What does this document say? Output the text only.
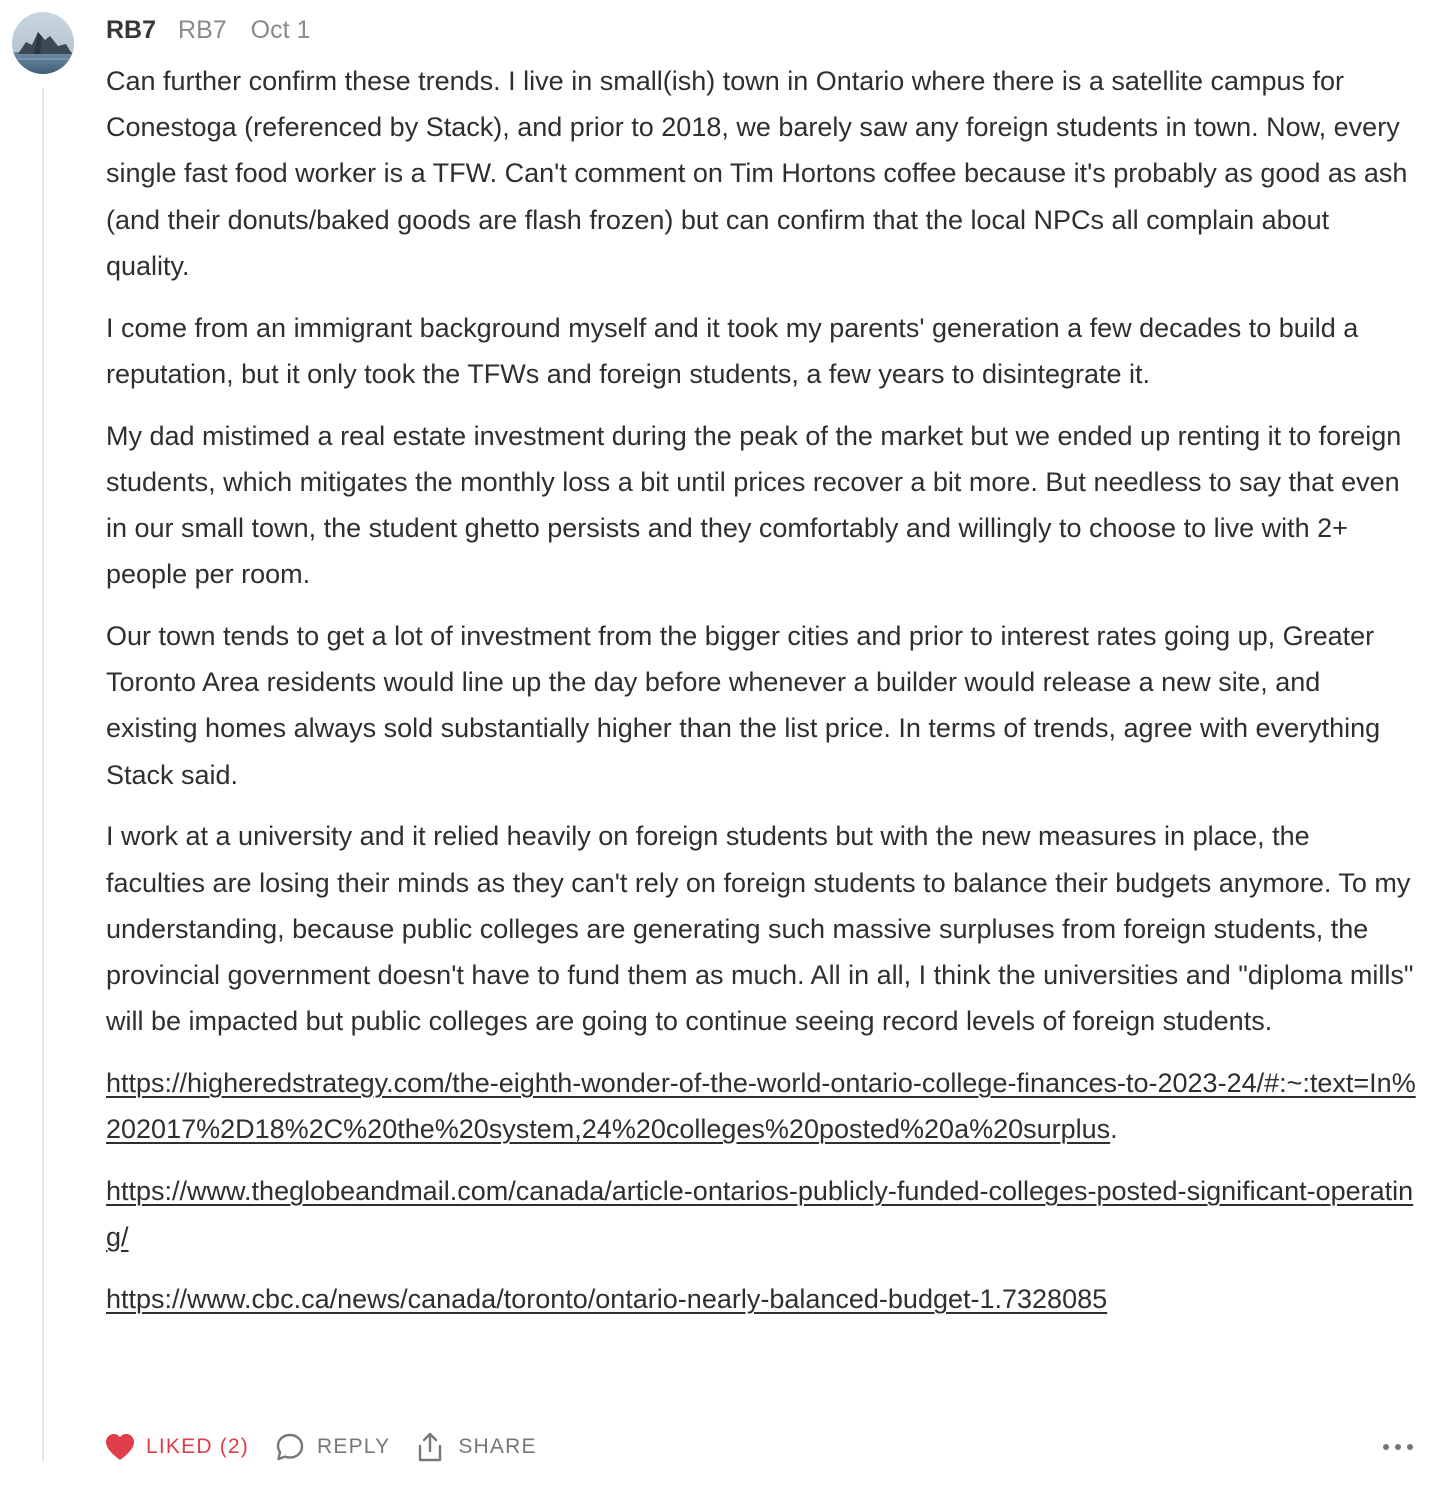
RB7 RB7 Oct 1

Can further confirm these trends. I live in small(ish) town in Ontario where there is a satellite campus for Conestoga (referenced by Stack), and prior to 2018, we barely saw any foreign students in town. Now, every single fast food worker is a TFW. Can't comment on Tim Hortons coffee because it's probably as good as ash (and their donuts/baked goods are flash frozen) but can confirm that the local NPCs all complain about quality.

I come from an immigrant background myself and it took my parents' generation a few decades to build a reputation, but it only took the TFWs and foreign students, a few years to disintegrate it.

My dad mistimed a real estate investment during the peak of the market but we ended up renting it to foreign students, which mitigates the monthly loss a bit until prices recover a bit more. But needless to say that even in our small town, the student ghetto persists and they comfortably and willingly to choose to live with 2+ people per room.

Our town tends to get a lot of investment from the bigger cities and prior to interest rates going up, Greater Toronto Area residents would line up the day before whenever a builder would release a new site, and existing homes always sold substantially higher than the list price. In terms of trends, agree with everything Stack said.

I work at a university and it relied heavily on foreign students but with the new measures in place, the faculties are losing their minds as they can't rely on foreign students to balance their budgets anymore. To my understanding, because public colleges are generating such massive surpluses from foreign students, the provincial government doesn't have to fund them as much. All in all, I think the universities and "diploma mills" will be impacted but public colleges are going to continue seeing record levels of foreign students.

https://higheredstrategy.com/the-eighth-wonder-of-the-world-ontario-college-finances-to-2023-24/#:~:text=In%202017%2D18%2C%20the%20system,24%20colleges%20posted%20a%20surplus.

https://www.theglobeandmail.com/canada/article-ontarios-publicly-funded-colleges-posted-significant-operating/

https://www.cbc.ca/news/canada/toronto/ontario-nearly-balanced-budget-1.7328085

LIKED (2)	REPLY	SHARE
